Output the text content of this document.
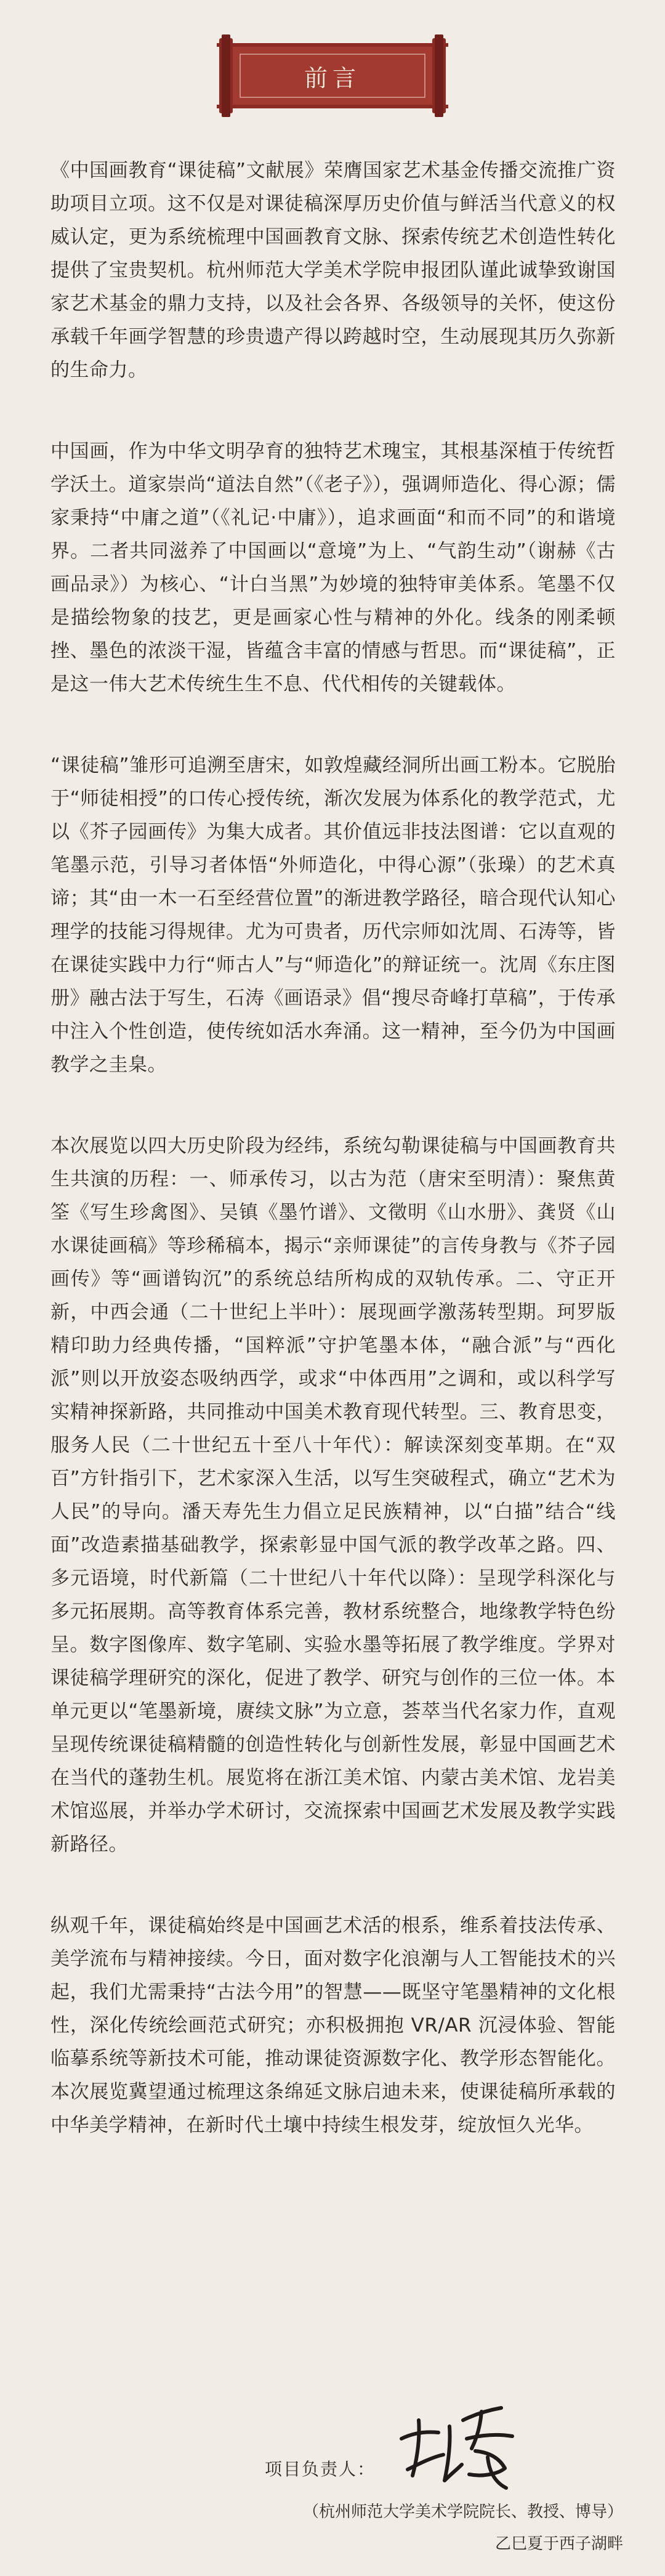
前言

《中国画教育“课徒稿”文献展》荣膺国家艺术基金传播交流推广资助项目立项。这不仅是对课徒稿深厚历史价值与鲜活当代意义的权威认定，更为系统梳理中国画教育文脉、探索传统艺术创造性转化提供了宝贵契机。杭州师范大学美术学院申报团队谨此诚挚致谢国家艺术基金的鼎力支持，以及社会各界、各级领导的关怀，使这份承载千年画学智慧的珍贵遗产得以跨越时空，生动展现其历久弥新的生命力。

中国画，作为中华文明孕育的独特艺术瑰宝，其根基深植于传统哲学沃土。道家崇尚“道法自然”（《老子》），强调师造化、得心源；儒家秉持“中庸之道”（《礼记·中庸》），追求画面“和而不同”的和谐境界。二者共同滋养了中国画以“意境”为上、“气韵生动”（谢赫《古画品录》）为核心、“计白当黑”为妙境的独特审美体系。笔墨不仅是描绘物象的技艺，更是画家心性与精神的外化。线条的刚柔顿挫、墨色的浓淡干湿，皆蕴含丰富的情感与哲思。而“课徒稿”，正是这一伟大艺术传统生生不息、代代相传的关键载体。

“课徒稿”雏形可追溯至唐宋，如敦煌藏经洞所出画工粉本。它脱胎于“师徒相授”的口传心授传统，渐次发展为体系化的教学范式，尤以《芥子园画传》为集大成者。其价值远非技法图谱：它以直观的笔墨示范，引导习者体悟“外师造化，中得心源”（张璪）的艺术真谛；其“由一木一石至经营位置”的渐进教学路径，暗合现代认知心理学的技能习得规律。尤为可贵者，历代宗师如沈周、石涛等，皆在课徒实践中力行“师古人”与“师造化”的辩证统一。沈周《东庄图册》融古法于写生，石涛《画语录》倡“搜尽奇峰打草稿”，于传承中注入个性创造，使传统如活水奔涌。这一精神，至今仍为中国画教学之圭臬。

本次展览以四大历史阶段为经纬，系统勾勒课徒稿与中国画教育共生共演的历程：一、师承传习，以古为范（唐宋至明清）：聚焦黄筌《写生珍禽图》、吴镇《墨竹谱》、文徵明《山水册》、龚贤《山水课徒画稿》等珍稀稿本，揭示“亲师课徒”的言传身教与《芥子园画传》等“画谱钩沉”的系统总结所构成的双轨传承。二、守正开新，中西会通（二十世纪上半叶）：展现画学激荡转型期。珂罗版精印助力经典传播，“国粹派”守护笔墨本体，“融合派”与“西化派”则以开放姿态吸纳西学，或求“中体西用”之调和，或以科学写实精神探新路，共同推动中国美术教育现代转型。三、教育思变，服务人民（二十世纪五十至八十年代）：解读深刻变革期。在“双百”方针指引下，艺术家深入生活，以写生突破程式，确立“艺术为人民”的导向。潘天寿先生力倡立足民族精神，以“白描”结合“线面”改造素描基础教学，探索彰显中国气派的教学改革之路。四、多元语境，时代新篇（二十世纪八十年代以降）：呈现学科深化与多元拓展期。高等教育体系完善，教材系统整合，地缘教学特色纷呈。数字图像库、数字笔刷、实验水墨等拓展了教学维度。学界对课徒稿学理研究的深化，促进了教学、研究与创作的三位一体。本单元更以“笔墨新境，赓续文脉”为立意，荟萃当代名家力作，直观呈现传统课徒稿精髓的创造性转化与创新性发展，彰显中国画艺术在当代的蓬勃生机。展览将在浙江美术馆、内蒙古美术馆、龙岩美术馆巡展，并举办学术研讨，交流探索中国画艺术发展及教学实践新路径。

纵观千年，课徒稿始终是中国画艺术活的根系，维系着技法传承、美学流布与精神接续。今日，面对数字化浪潮与人工智能技术的兴起，我们尤需秉持“古法今用”的智慧——既坚守笔墨精神的文化根性，深化传统绘画范式研究；亦积极拥抱 VR/AR 沉浸体验、智能临摹系统等新技术可能，推动课徒资源数字化、教学形态智能化。本次展览冀望通过梳理这条绵延文脉启迪未来，使课徒稿所承载的中华美学精神，在新时代土壤中持续生根发芽，绽放恒久光华。

项目负责人：
（杭州师范大学美术学院院长、教授、博导）
乙巳夏于西子湖畔
